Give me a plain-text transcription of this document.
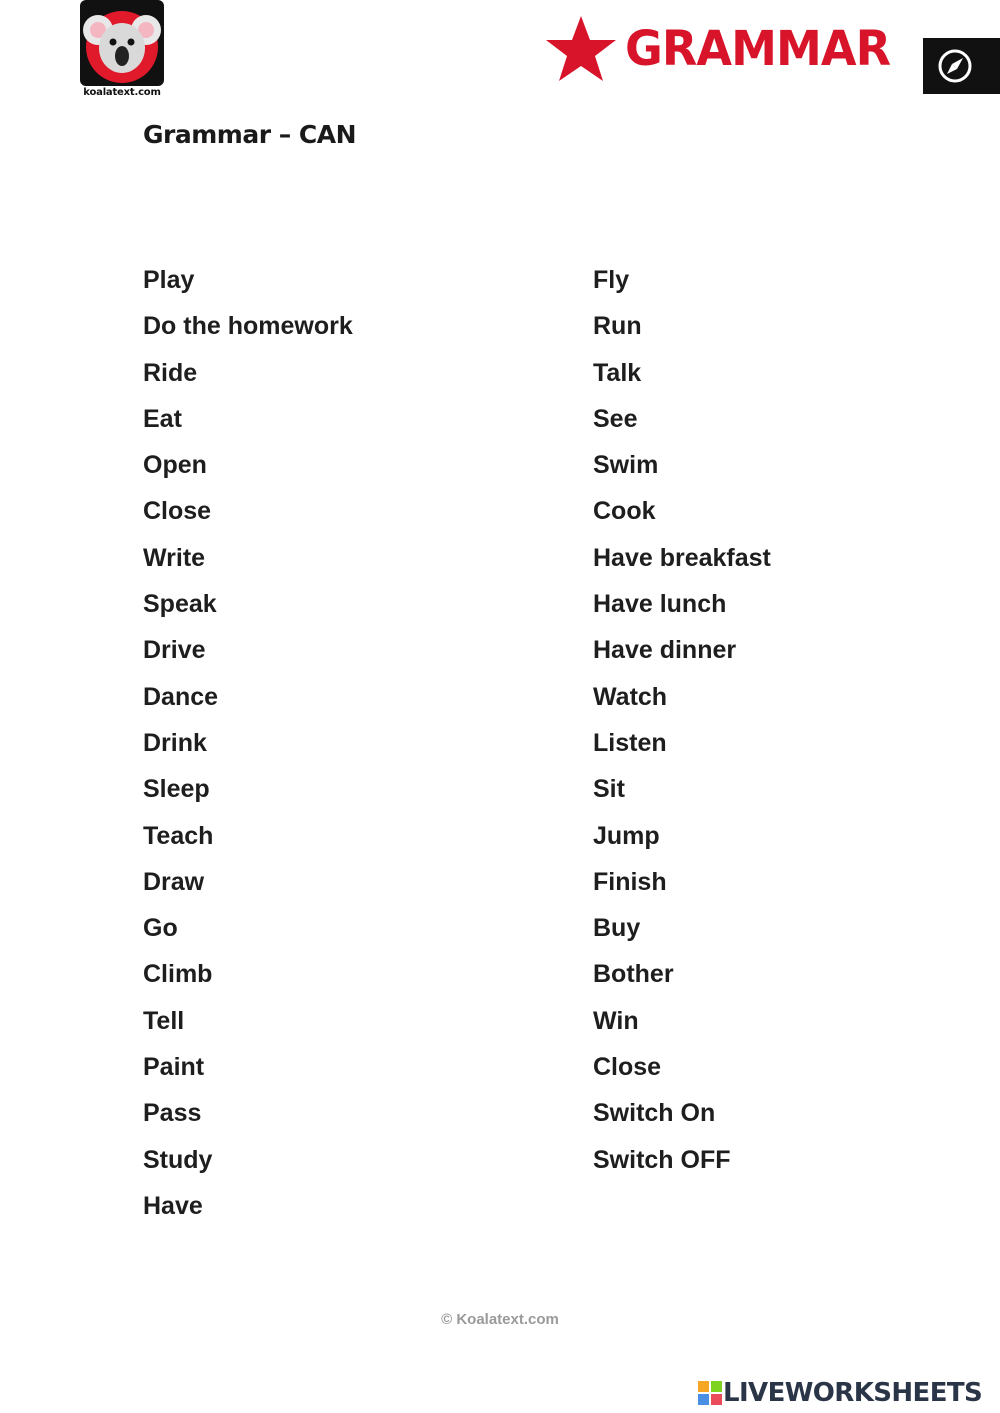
koalatext.com
GRAMMAR
Grammar – CAN
Play
Do the homework
Ride
Eat
Open
Close
Write
Speak
Drive
Dance
Drink
Sleep
Teach
Draw
Go
Climb
Tell
Paint
Pass
Study
Have
Fly
Run
Talk
See
Swim
Cook
Have breakfast
Have lunch
Have dinner
Watch
Listen
Sit
Jump
Finish
Buy
Bother
Win
Close
Switch On
Switch OFF
© Koalatext.com
LIVEWORKSHEETS
